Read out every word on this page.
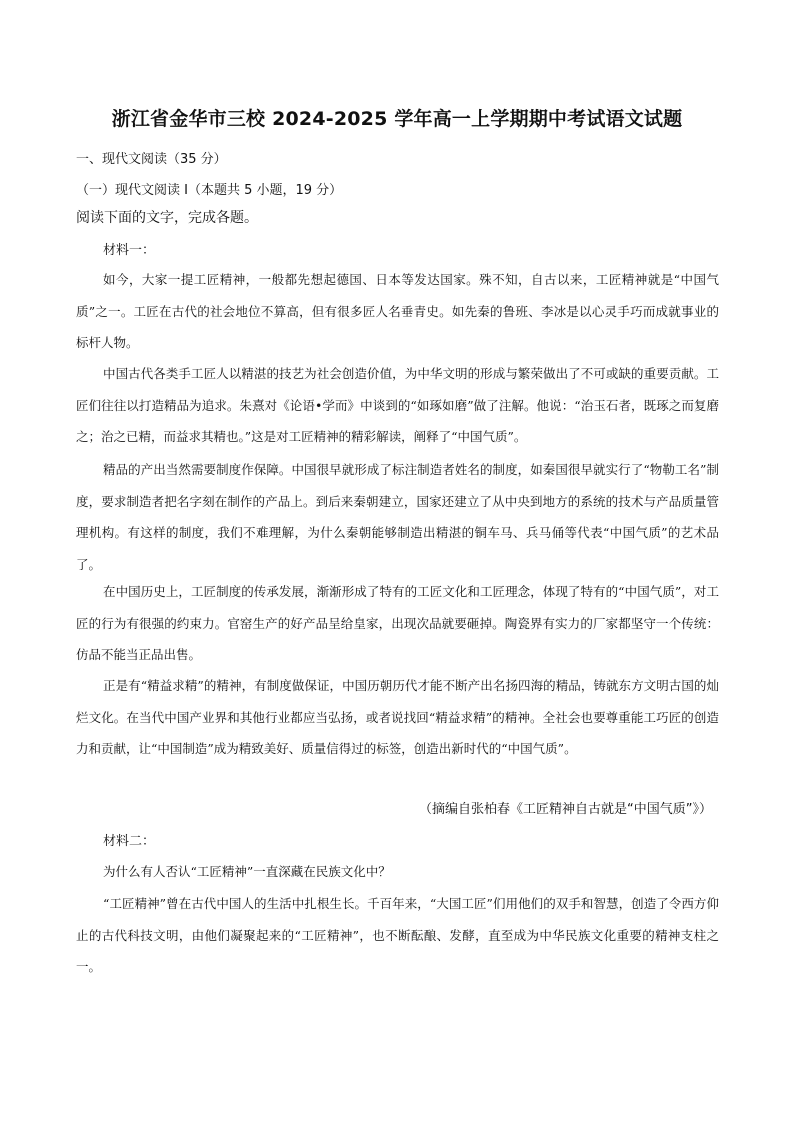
浙江省金华市三校 2024-2025 学年高一上学期期中考试语文试题
一、现代文阅读（35 分）
（一）现代文阅读 I（本题共 5 小题，19 分）
阅读下面的文字，完成各题。
材料一：

如今，大家一提工匠精神，一般都先想起德国、日本等发达国家。殊不知，自古以来，工匠精神就是“中国气质”之一。工匠在古代的社会地位不算高，但有很多匠人名垂青史。如先秦的鲁班、李冰是以心灵手巧而成就事业的标杆人物。

中国古代各类手工匠人以精湛的技艺为社会创造价值，为中华文明的形成与繁荣做出了不可或缺的重要贡献。工匠们往往以打造精品为追求。朱熹对《论语•学而》中谈到的“如琢如磨”做了注解。他说：“治玉石者，既琢之而复磨之；治之已精，而益求其精也。”这是对工匠精神的精彩解读，阐释了“中国气质”。

精品的产出当然需要制度作保障。中国很早就形成了标注制造者姓名的制度，如秦国很早就实行了“物勒工名”制度，要求制造者把名字刻在制作的产品上。到后来秦朝建立，国家还建立了从中央到地方的系统的技术与产品质量管理机构。有这样的制度，我们不难理解，为什么秦朝能够制造出精湛的铜车马、兵马俑等代表“中国气质”的艺术品了。

在中国历史上，工匠制度的传承发展，渐渐形成了特有的工匠文化和工匠理念，体现了特有的“中国气质”，对工匠的行为有很强的约束力。官窑生产的好产品呈给皇家，出现次品就要砸掉。陶瓷界有实力的厂家都坚守一个传统：仿品不能当正品出售。

正是有“精益求精”的精神，有制度做保证，中国历朝历代才能不断产出名扬四海的精品，铸就东方文明古国的灿烂文化。在当代中国产业界和其他行业都应当弘扬，或者说找回“精益求精”的精神。全社会也要尊重能工巧匠的创造力和贡献，让“中国制造”成为精致美好、质量信得过的标签，创造出新时代的“中国气质”。

（摘编自张柏春《工匠精神自古就是“中国气质”》）
材料二：
为什么有人否认“工匠精神”一直深藏在民族文化中？

“工匠精神”曾在古代中国人的生活中扎根生长。千百年来，“大国工匠”们用他们的双手和智慧，创造了令西方仰止的古代科技文明，由他们凝聚起来的“工匠精神”，也不断酝酿、发酵，直至成为中华民族文化重要的精神支柱之一。
